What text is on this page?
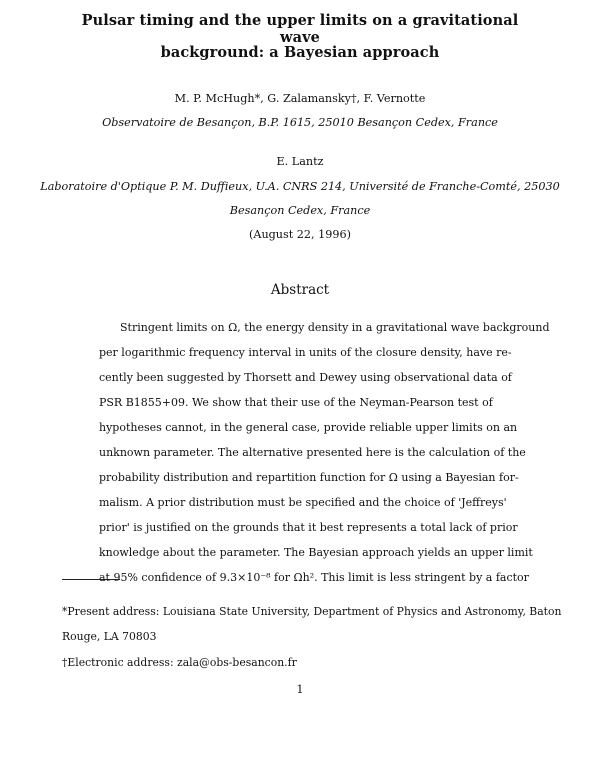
Pulsar timing and the upper limits on a gravitational wave
background: a Bayesian approach
M. P. McHugh*, G. Zalamansky†, F. Vernotte
Observatoire de Besançon, B.P. 1615, 25010 Besançon Cedex, France
E. Lantz
Laboratoire d'Optique P. M. Duffieux, U.A. CNRS 214, Université de Franche-Comté, 25030
Besançon Cedex, France
(August 22, 1996)
Abstract
Stringent limits on Ω, the energy density in a gravitational wave background
per logarithmic frequency interval in units of the closure density, have re-
cently been suggested by Thorsett and Dewey using observational data of
PSR B1855+09. We show that their use of the Neyman-Pearson test of
hypotheses cannot, in the general case, provide reliable upper limits on an
unknown parameter. The alternative presented here is the calculation of the
probability distribution and repartition function for Ω using a Bayesian for-
malism. A prior distribution must be specified and the choice of 'Jeffreys'
prior' is justified on the grounds that it best represents a total lack of prior
knowledge about the parameter. The Bayesian approach yields an upper limit
at 95% confidence of 9.3×10⁻⁸ for Ωh². This limit is less stringent by a factor
*Present address: Louisiana State University, Department of Physics and Astronomy, Baton
Rouge, LA 70803
†Electronic address: zala@obs-besancon.fr
1
